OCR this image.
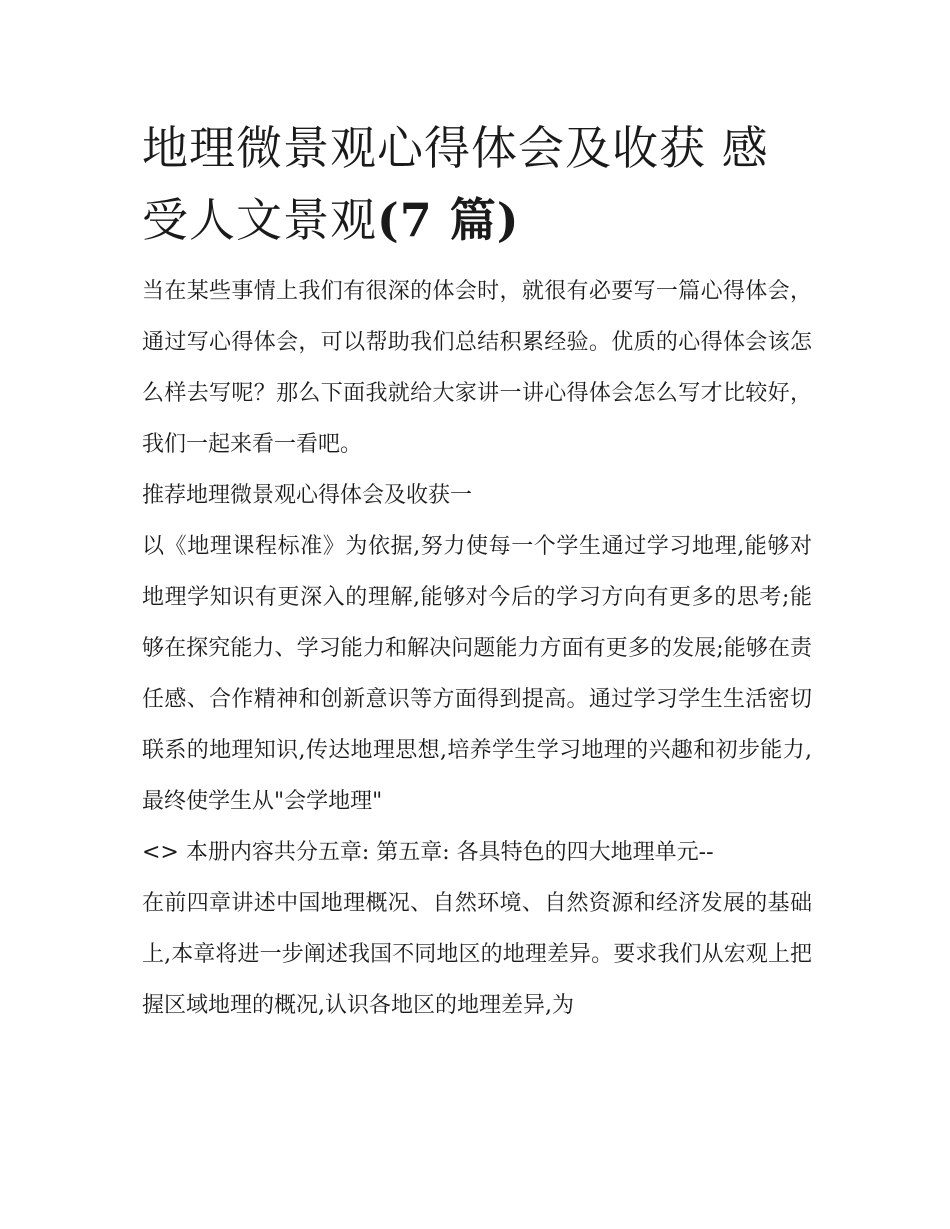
地理微景观心得体会及收获 感受人文景观(7 篇)

当在某些事情上我们有很深的体会时，就很有必要写一篇心得体会，通过写心得体会，可以帮助我们总结积累经验。优质的心得体会该怎么样去写呢？那么下面我就给大家讲一讲心得体会怎么写才比较好，我们一起来看一看吧。

推荐地理微景观心得体会及收获一

以《地理课程标准》为依据,努力使每一个学生通过学习地理,能够对地理学知识有更深入的理解,能够对今后的学习方向有更多的思考;能够在探究能力、学习能力和解决问题能力方面有更多的发展;能够在责任感、合作精神和创新意识等方面得到提高。通过学习学生生活密切联系的地理知识,传达地理思想,培养学生学习地理的兴趣和初步能力,最终使学生从"会学地理"

<> 本册内容共分五章: 第五章: 各具特色的四大地理单元--

在前四章讲述中国地理概况、自然环境、自然资源和经济发展的基础上,本章将进一步阐述我国不同地区的地理差异。要求我们从宏观上把握区域地理的概况,认识各地区的地理差异,为
